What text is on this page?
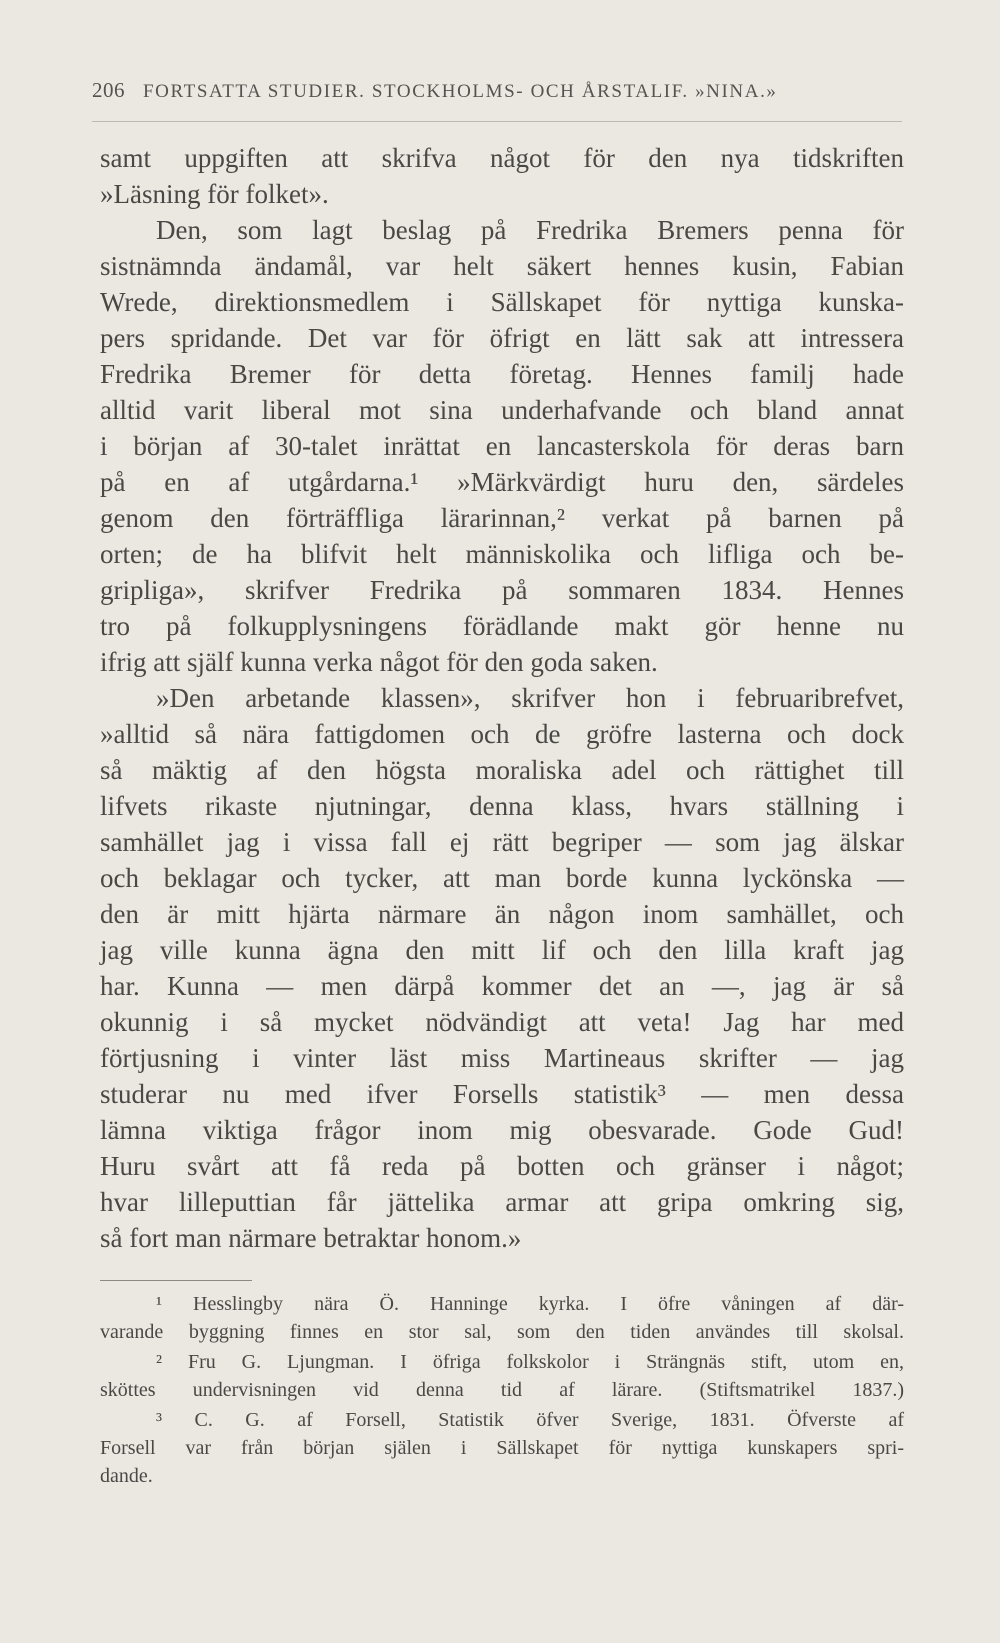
206 FORTSATTA STUDIER. STOCKHOLMS- OCH ÅRSTALIF. »NINA.»
samt uppgiften att skrifva något för den nya tidskriften
»Läsning för folket».
Den, som lagt beslag på Fredrika Bremers penna för
sistnämnda ändamål, var helt säkert hennes kusin, Fabian
Wrede, direktionsmedlem i Sällskapet för nyttiga kunska-
pers spridande. Det var för öfrigt en lätt sak att intressera
Fredrika Bremer för detta företag. Hennes familj hade
alltid varit liberal mot sina underhafvande och bland annat
i början af 30-talet inrättat en lancasterskola för deras barn
på en af utgårdarna.¹ »Märkvärdigt huru den, särdeles
genom den förträffliga lärarinnan,² verkat på barnen på
orten; de ha blifvit helt människolika och lifliga och be-
gripliga», skrifver Fredrika på sommaren 1834. Hennes
tro på folkupplysningens förädlande makt gör henne nu
ifrig att själf kunna verka något för den goda saken.
»Den arbetande klassen», skrifver hon i februaribrefvet,
»alltid så nära fattigdomen och de gröfre lasterna och dock
så mäktig af den högsta moraliska adel och rättighet till
lifvets rikaste njutningar, denna klass, hvars ställning i
samhället jag i vissa fall ej rätt begriper — som jag älskar
och beklagar och tycker, att man borde kunna lyckönska —
den är mitt hjärta närmare än någon inom samhället, och
jag ville kunna ägna den mitt lif och den lilla kraft jag
har. Kunna — men därpå kommer det an —, jag är så
okunnig i så mycket nödvändigt att veta! Jag har med
förtjusning i vinter läst miss Martineaus skrifter — jag
studerar nu med ifver Forsells statistik³ — men dessa
lämna viktiga frågor inom mig obesvarade. Gode Gud!
Huru svårt att få reda på botten och gränser i något;
hvar lilleputtian får jättelika armar att gripa omkring sig,
så fort man närmare betraktar honom.»
¹ Hesslingby nära Ö. Hanninge kyrka. I öfre våningen af där-
varande byggning finnes en stor sal, som den tiden användes till skolsal.
² Fru G. Ljungman. I öfriga folkskolor i Strängnäs stift, utom en,
sköttes undervisningen vid denna tid af lärare. (Stiftsmatrikel 1837.)
³ C. G. af Forsell, Statistik öfver Sverige, 1831. Öfverste af
Forsell var från början själen i Sällskapet för nyttiga kunskapers spri-
dande.
